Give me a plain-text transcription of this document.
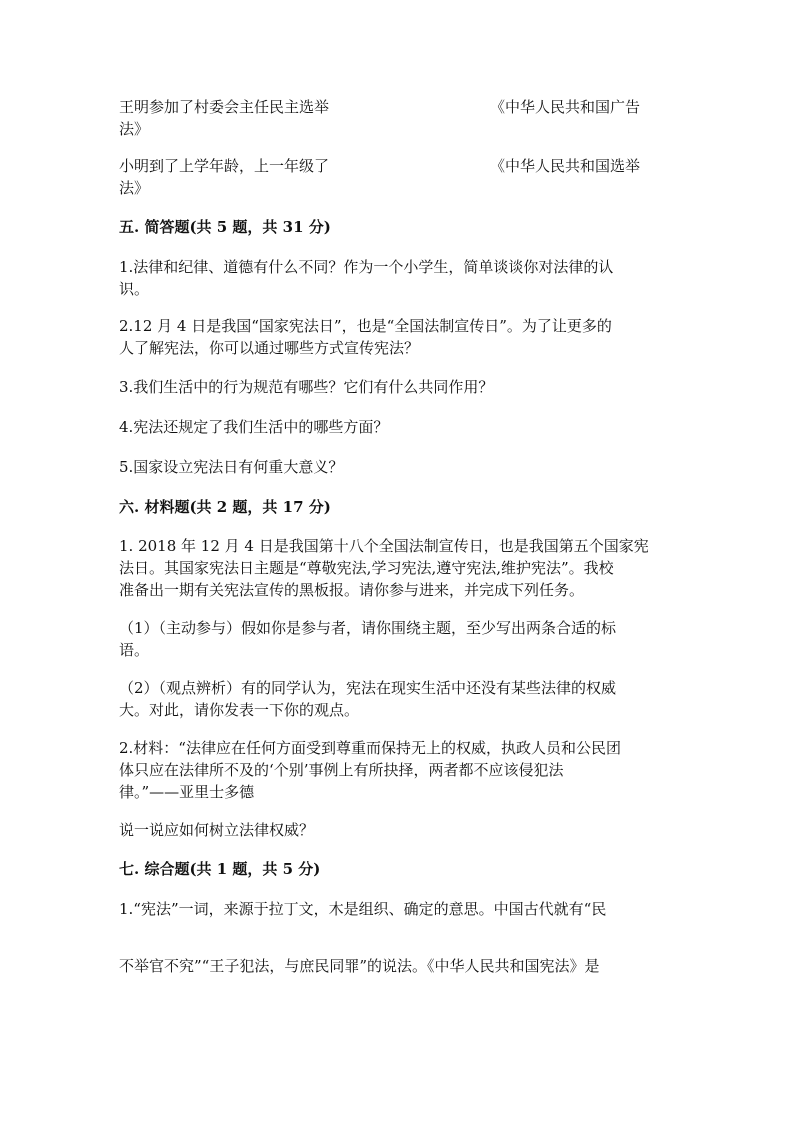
王明参加了村委会主任民主选举	《中华人民共和国广告
法》
小明到了上学年龄，上一年级了	《中华人民共和国选举
法》
五. 简答题(共 5 题，共 31 分)
1.法律和纪律、道德有什么不同？作为一个小学生，简单谈谈你对法律的认
识。
2.12 月 4 日是我国“国家宪法日”，也是“全国法制宣传日”。为了让更多的
人了解宪法，你可以通过哪些方式宣传宪法？
3.我们生活中的行为规范有哪些？它们有什么共同作用？
4.宪法还规定了我们生活中的哪些方面？
5.国家设立宪法日有何重大意义？
六. 材料题(共 2 题，共 17 分)
1. 2018 年 12 月 4 日是我国第十八个全国法制宣传日，也是我国第五个国家宪
法日。其国家宪法日主题是“尊敬宪法,学习宪法,遵守宪法,维护宪法”。我校
准备出一期有关宪法宣传的黑板报。请你参与进来，并完成下列任务。
（1）（主动参与）假如你是参与者，请你围绕主题，至少写出两条合适的标
语。
（2）（观点辨析）有的同学认为，宪法在现实生活中还没有某些法律的权威
大。对此，请你发表一下你的观点。
2.材料：“法律应在任何方面受到尊重而保持无上的权威，执政人员和公民团
体只应在法律所不及的‘个别’事例上有所抉择，两者都不应该侵犯法
律。”——亚里士多德
说一说应如何树立法律权威？
七. 综合题(共 1 题，共 5 分)
1.“宪法”一词，来源于拉丁文，木是组织、确定的意思。中国古代就有“民
不举官不究”“王子犯法，与庶民同罪”的说法。《中华人民共和国宪法》是
